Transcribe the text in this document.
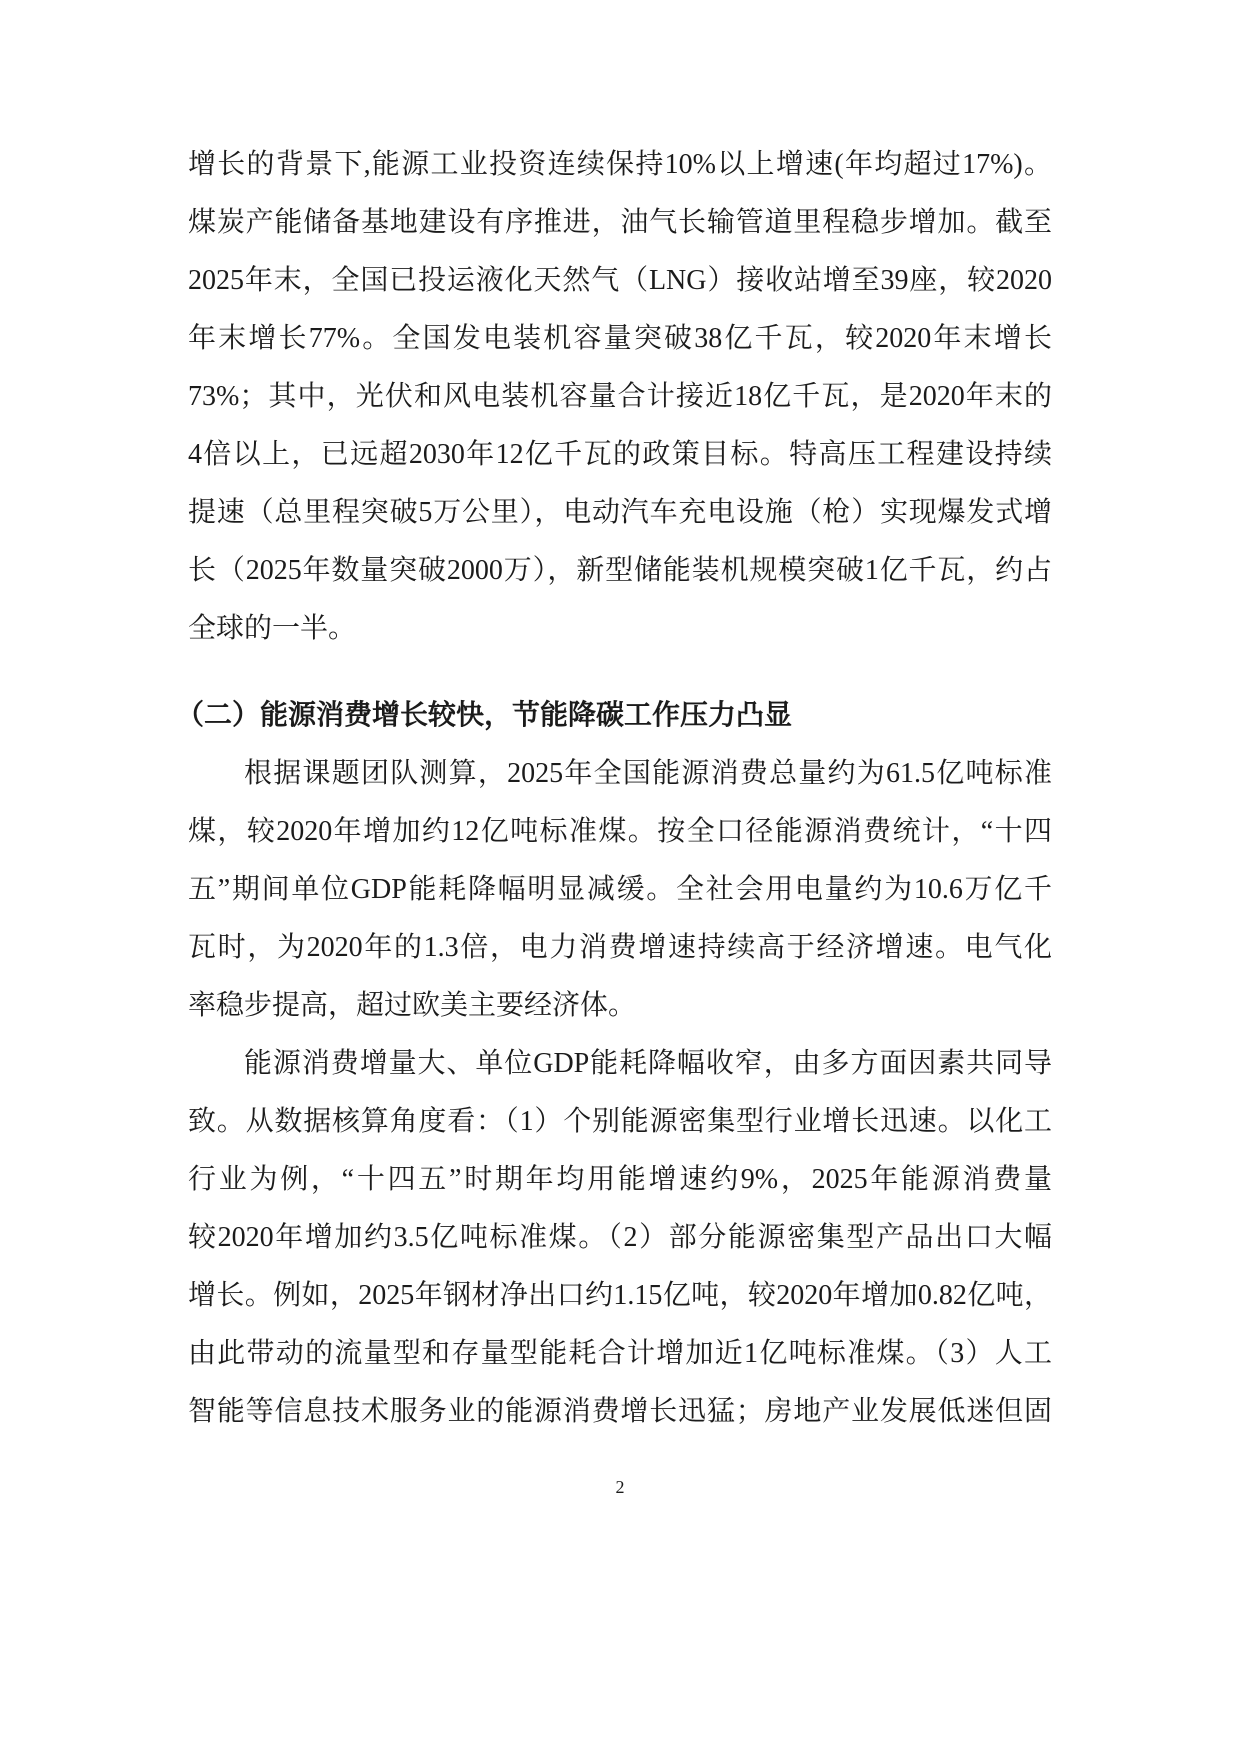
增长的背景下,能源工业投资连续保持10%以上增速(年均超过17%)。
煤炭产能储备基地建设有序推进，油气长输管道里程稳步增加。截至
2025年末，全国已投运液化天然气（LNG）接收站增至39座，较2020
年末增长77%。全国发电装机容量突破38亿千瓦，较2020年末增长
73%；其中，光伏和风电装机容量合计接近18亿千瓦，是2020年末的
4倍以上，已远超2030年12亿千瓦的政策目标。特高压工程建设持续
提速（总里程突破5万公里），电动汽车充电设施（枪）实现爆发式增
长（2025年数量突破2000万），新型储能装机规模突破1亿千瓦，约占
全球的一半。
（二）能源消费增长较快，节能降碳工作压力凸显
根据课题团队测算，2025年全国能源消费总量约为61.5亿吨标准
煤，较2020年增加约12亿吨标准煤。按全口径能源消费统计，“十四
五”期间单位GDP能耗降幅明显减缓。全社会用电量约为10.6万亿千
瓦时，为2020年的1.3倍，电力消费增速持续高于经济增速。电气化
率稳步提高，超过欧美主要经济体。
能源消费增量大、单位GDP能耗降幅收窄，由多方面因素共同导
致。从数据核算角度看：（1）个别能源密集型行业增长迅速。以化工
行业为例，“十四五”时期年均用能增速约9%，2025年能源消费量
较2020年增加约3.5亿吨标准煤。（2）部分能源密集型产品出口大幅
增长。例如，2025年钢材净出口约1.15亿吨，较2020年增加0.82亿吨，
由此带动的流量型和存量型能耗合计增加近1亿吨标准煤。（3）人工
智能等信息技术服务业的能源消费增长迅猛；房地产业发展低迷但固
2
